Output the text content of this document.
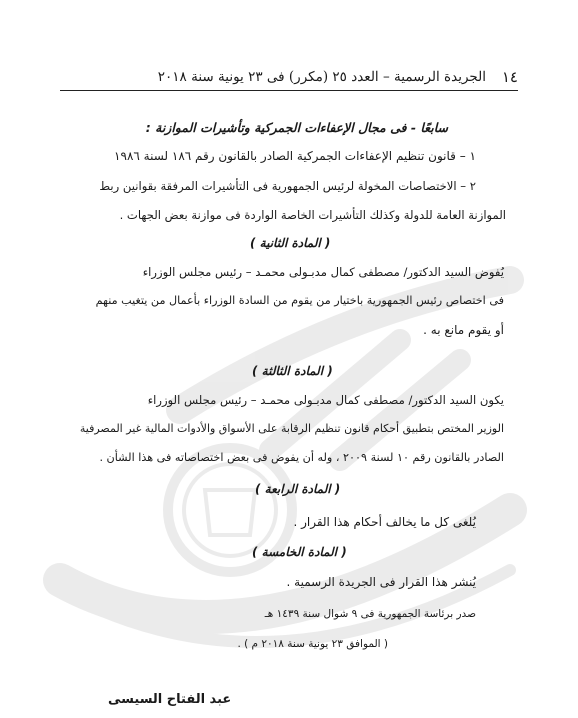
١٤
الجريدة الرسمية – العدد ٢٥ (مكرر) فى ٢٣ يونية سنة ٢٠١٨
سابعًا - فى مجال الإعفاءات الجمركية وتأشيرات الموازنة :
١ – قانون تنظيم الإعفاءات الجمركية الصادر بالقانون رقم ١٨٦ لسنة ١٩٨٦
٢ – الاختصاصات المخولة لرئيس الجمهورية فى التأشيرات المرفقة بقوانين ربط
الموازنة العامة للدولة وكذلك التأشيرات الخاصة الواردة فى موازنة بعض الجهات .
( المادة الثانية )
يُفوض السيد الدكتور/ مصطفى كمال مدبـولى محمـد – رئيس مجلس الوزراء
فى اختصاص رئيس الجمهورية باختيار من يقوم من السادة الوزراء بأعمال من يتغيب منهم
أو يقوم مانع به .
( المادة الثالثة )
يكون السيد الدكتور/ مصطفى كمال مدبـولى محمـد – رئيس مجلس الوزراء
الوزير المختص بتطبيق أحكام قانون تنظيم الرقابة على الأسواق والأدوات المالية غير المصرفية
الصادر بالقانون رقم ١٠ لسنة ٢٠٠٩ ، وله أن يفوض فى بعض اختصاصاته فى هذا الشأن .
( المادة الرابعة )
يُلغى كل ما يخالف أحكام هذا القرار .
( المادة الخامسة )
يُنشر هذا القرار فى الجريدة الرسمية .
صدر برئاسة الجمهورية فى ٩ شوال سنة ١٤٣٩ هـ
( الموافق ٢٣ يونية سنة ٢٠١٨ م ) .
عبد الفتاح السيسى
